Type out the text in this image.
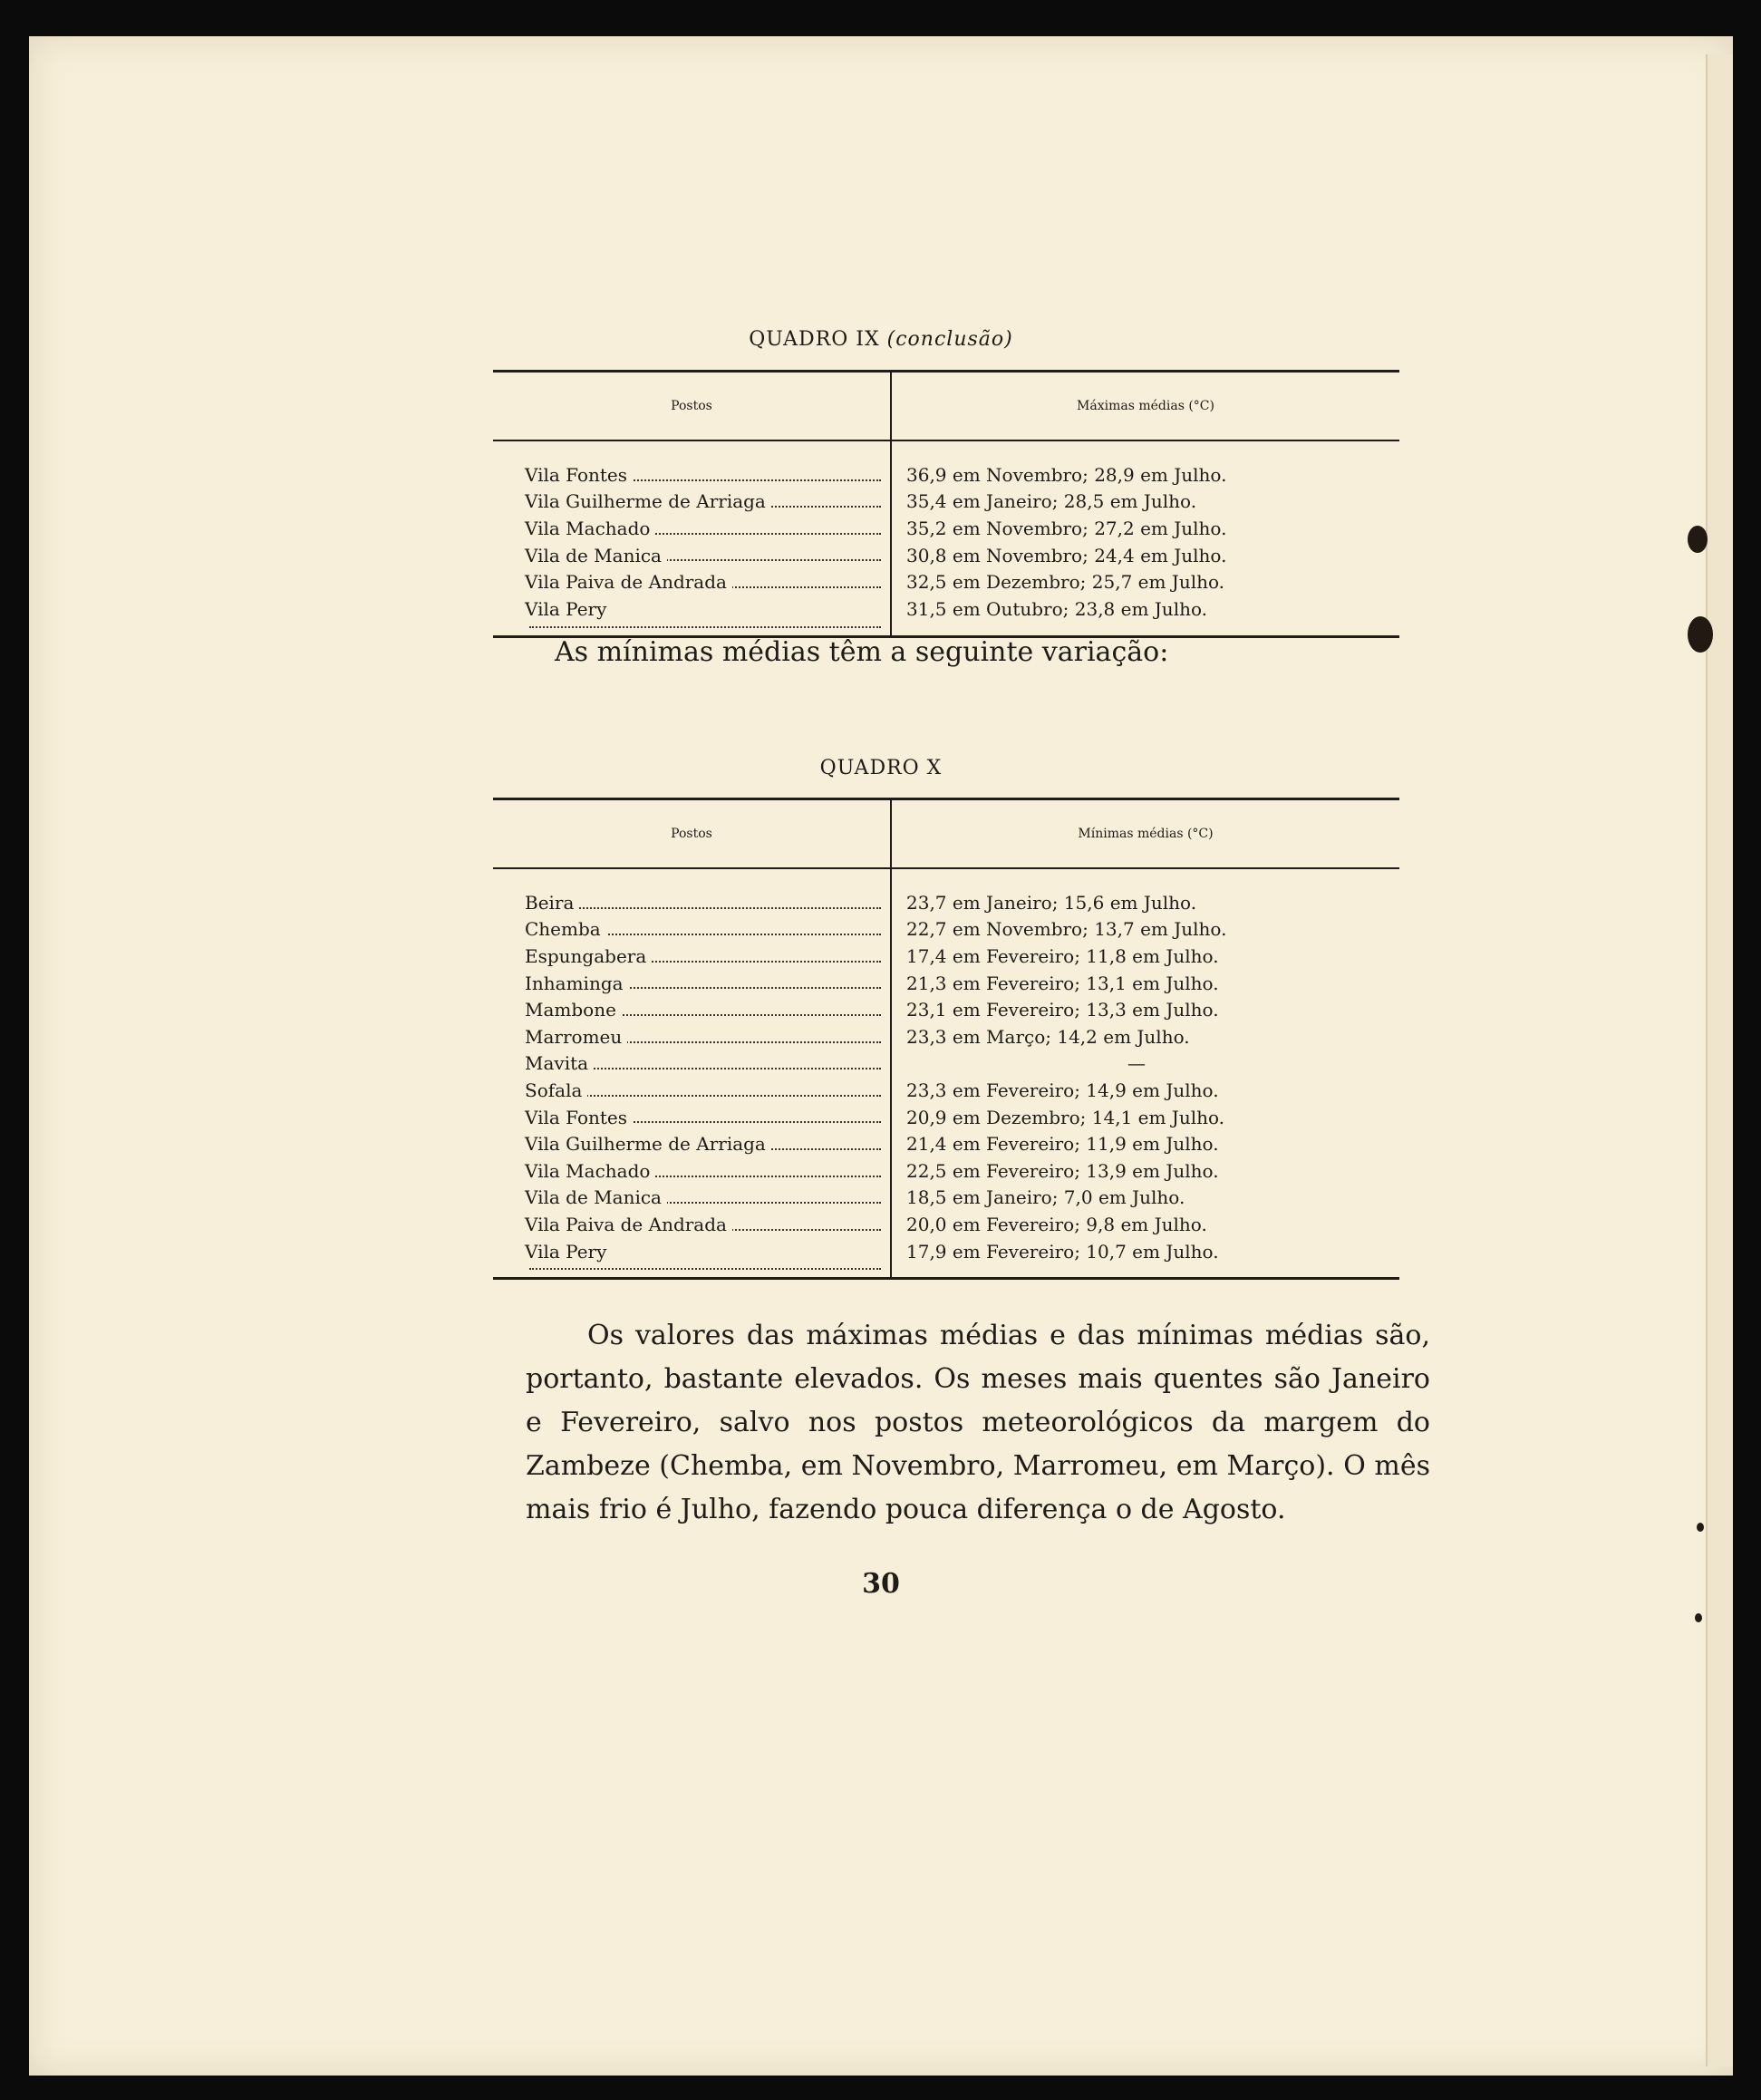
QUADRO IX (conclusão)
Postos	Máximas médias (°C)	
Vila Fontes	36,9 em Novembro; 28,9 em Julho.	
Vila Guilherme de Arriaga	35,4 em Janeiro; 28,5 em Julho.	
Vila Machado	35,2 em Novembro; 27,2 em Julho.	
Vila de Manica	30,8 em Novembro; 24,4 em Julho.	
Vila Paiva de Andrada	32,5 em Dezembro; 25,7 em Julho.	
Vila Pery	31,5 em Outubro; 23,8 em Julho.	

As mínimas médias têm a seguinte variação:
QUADRO X
Postos	Mínimas médias (°C)
Beira	23,7 em Janeiro; 15,6 em Julho.
Chemba	22,7 em Novembro; 13,7 em Julho.
Espungabera	17,4 em Fevereiro; 11,8 em Julho.
Inhaminga	21,3 em Fevereiro; 13,1 em Julho.
Mambone	23,1 em Fevereiro; 13,3 em Julho.
Marromeu	23,3 em Março; 14,2 em Julho.
Mavita	—
Sofala	23,3 em Fevereiro; 14,9 em Julho.
Vila Fontes	20,9 em Dezembro; 14,1 em Julho.
Vila Guilherme de Arriaga	21,4 em Fevereiro; 11,9 em Julho.
Vila Machado	22,5 em Fevereiro; 13,9 em Julho.
Vila de Manica	18,5 em Janeiro; 7,0 em Julho.
Vila Paiva de Andrada	20,0 em Fevereiro; 9,8 em Julho.
Vila Pery	17,9 em Fevereiro; 10,7 em Julho.

Os valores das máximas médias e das mínimas médias são, portanto, bastante elevados. Os meses mais quentes são Janeiro e Fevereiro, salvo nos postos meteorológicos da margem do Zambeze (Chemba, em Novembro, Marromeu, em Março). O mês mais frio é Julho, fazendo pouca diferença o de Agosto.

30
